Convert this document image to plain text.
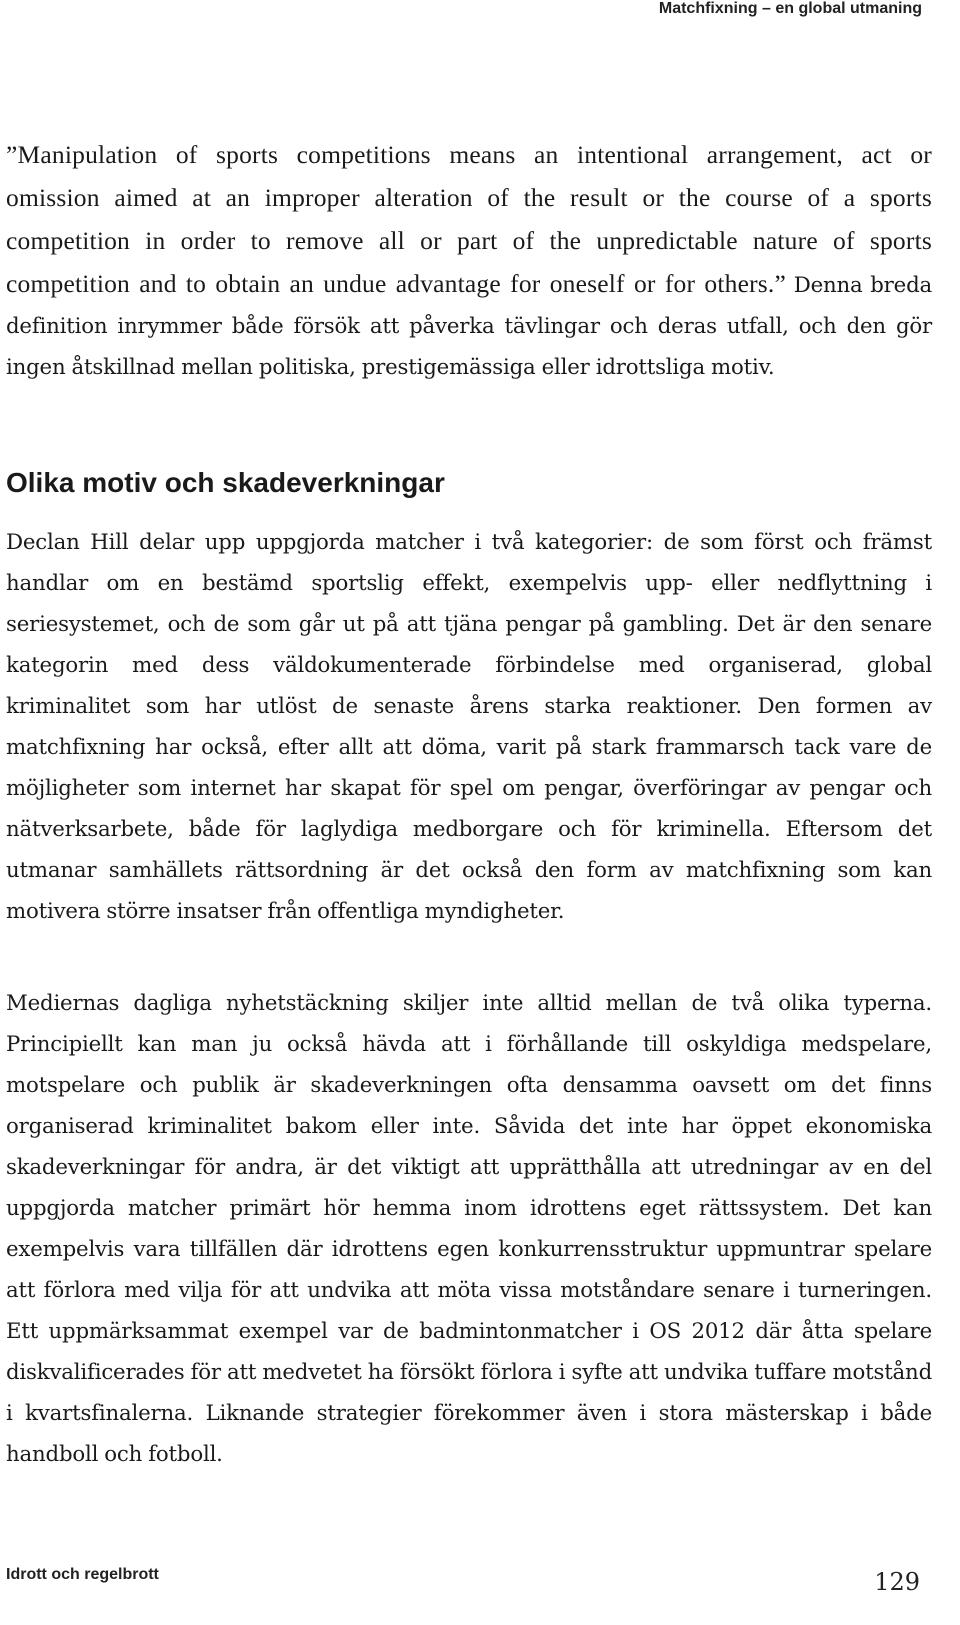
Matchfixning – en global utmaning

”Manipulation of sports competitions means an intentional arrangement, act or omission aimed at an improper alteration of the result or the course of a sports competition in order to remove all or part of the unpredictable nature of sports competition and to obtain an undue advantage for oneself or for others.” Denna breda definition inrymmer både försök att påverka tävlingar och deras utfall, och den gör ingen åtskillnad mellan politiska, prestigemässiga eller idrottsliga motiv.

Olika motiv och skadeverkningar

Declan Hill delar upp uppgjorda matcher i två kategorier: de som först och främst handlar om en bestämd sportslig effekt, exempelvis upp- eller nedflyttning i seriesystemet, och de som går ut på att tjäna pengar på gambling. Det är den senare kategorin med dess väldokumenterade förbindelse med organiserad, global kriminalitet som har utlöst de senaste årens starka reaktioner. Den formen av matchfixning har också, efter allt att döma, varit på stark frammarsch tack vare de möjligheter som internet har skapat för spel om pengar, överföringar av pengar och nätverksarbete, både för laglydiga medborgare och för kriminella. Eftersom det utmanar samhällets rättsordning är det också den form av matchfixning som kan motivera större insatser från offentliga myndigheter.

Mediernas dagliga nyhetstäckning skiljer inte alltid mellan de två olika typerna. Principiellt kan man ju också hävda att i förhållande till oskyldiga medspelare, motspelare och publik är skadeverkningen ofta densamma oavsett om det finns organiserad kriminalitet bakom eller inte. Såvida det inte har öppet ekonomiska skadeverkningar för andra, är det viktigt att upprätthålla att utredningar av en del uppgjorda matcher primärt hör hemma inom idrottens eget rättssystem. Det kan exempelvis vara tillfällen där idrottens egen konkurrensstruktur uppmuntrar spelare att förlora med vilja för att undvika att möta vissa motståndare senare i turneringen. Ett uppmärksammat exempel var de badmintonmatcher i OS 2012 där åtta spelare diskvalificerades för att medvetet ha försökt förlora i syfte att undvika tuffare motstånd i kvartsfinalerna. Liknande strategier förekommer även i stora mästerskap i både handboll och fotboll.

Idrott och regelbrott	129
